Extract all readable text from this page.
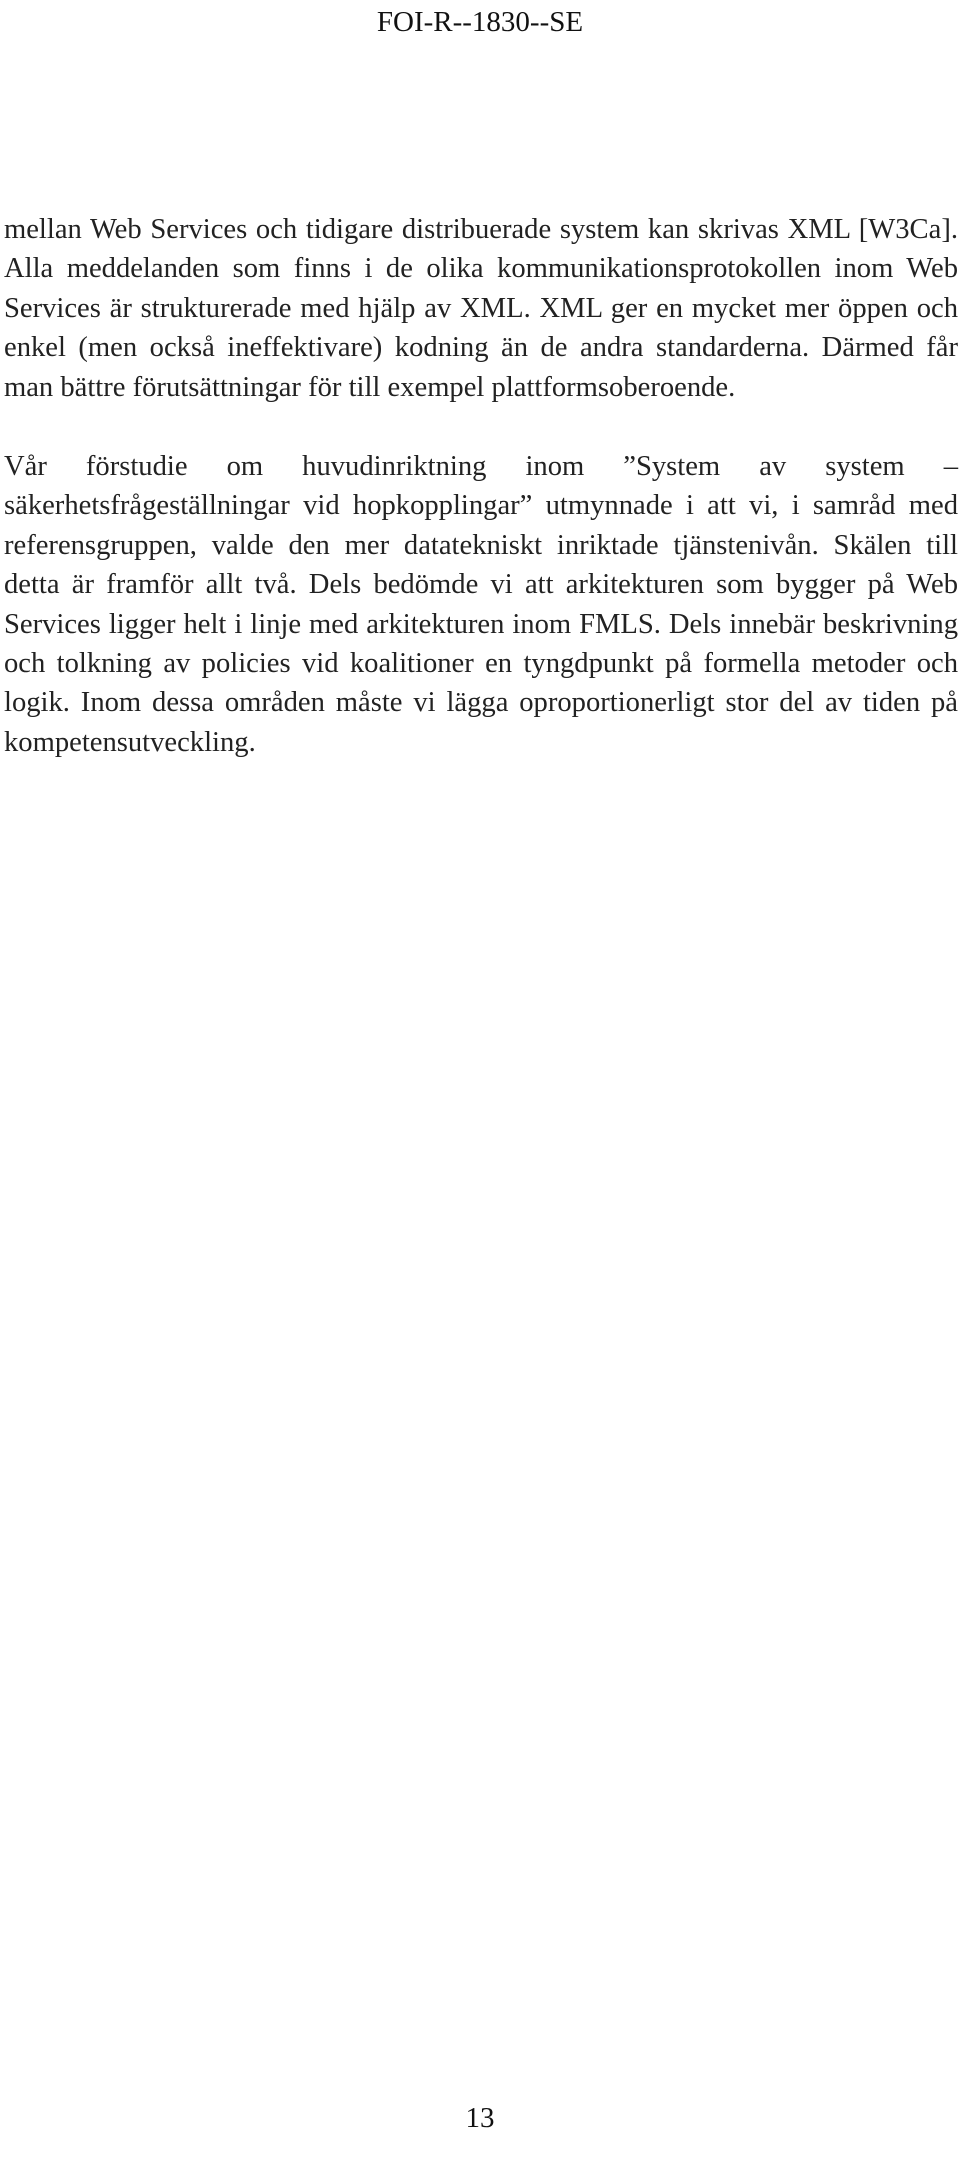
FOI-R--1830--SE

mellan Web Services och tidigare distribuerade system kan skrivas XML [W3Ca]. Alla meddelanden som finns i de olika kommunikationsprotokollen inom Web Services är strukturerade med hjälp av XML. XML ger en mycket mer öppen och enkel (men också ineffektivare) kodning än de andra standarderna. Därmed får man bättre förutsättningar för till exempel plattformsoberoende.

Vår förstudie om huvudinriktning inom ”System av system – säkerhetsfrågeställningar vid hopkopplingar” utmynnade i att vi, i samråd med referensgruppen, valde den mer datatekniskt inriktade tjänstenivån. Skälen till detta är framför allt två. Dels bedömde vi att arkitekturen som bygger på Web Services ligger helt i linje med arkitekturen inom FMLS. Dels innebär beskrivning och tolkning av policies vid koalitioner en tyngdpunkt på formella metoder och logik. Inom dessa områden måste vi lägga oproportionerligt stor del av tiden på kompetensutveckling.

13
